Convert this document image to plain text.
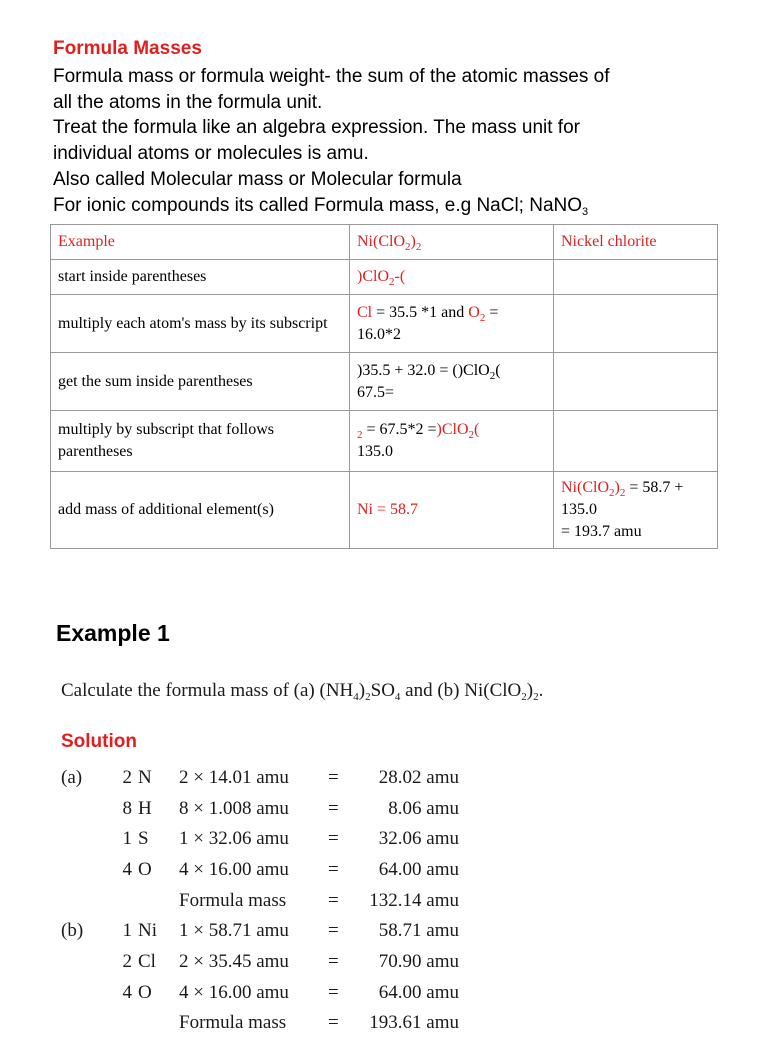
Formula Masses
Formula mass or formula weight- the sum of the atomic masses of
all the atoms in the formula unit.
Treat the formula like an algebra expression. The mass unit for
individual atoms or molecules is amu.
Also called Molecular mass or Molecular formula
For ionic compounds its called Formula mass, e.g NaCl; NaNO$_3$
Example	$Ni(ClO_2)_2$	Nickel chlorite
start inside parentheses	)ClO$_2$-(	
multiply each atom's mass by its subscript	Cl = 35.5 *1 and $O_2$ =
16.0*2	
get the sum inside parentheses	)35.5 + 32.0 = ()ClO$_2$(
67.5=	
multiply by subscript that follows parentheses	$_2$ = 67.5*2 =)ClO$_2$(
135.0	
add mass of additional element(s)	Ni = 58.7	$Ni(ClO_2)_2 = 58.7$ +
135.0
= 193.7 amu
Example 1
Calculate the formula mass of (a) $(NH_4)_2SO_4$ and (b) $Ni(ClO_2)_2$.
Solution
(a) 2 N 2 × 14.01 amu = 28.02 amu
8 H 8 × 1.008 amu =	8.06 amu
1 S 1 × 32.06 amu = 32.06 amu
4 O 4 × 16.00 amu = 64.00 amu
Formula mass = 132.14 amu
(b) 1 Ni 1 × 58.71 amu = 58.71 amu
2 Cl 2 × 35.45 amu = 70.90 amu
4 O 4 × 16.00 amu = 64.00 amu
Formula mass = 193.61 amu
